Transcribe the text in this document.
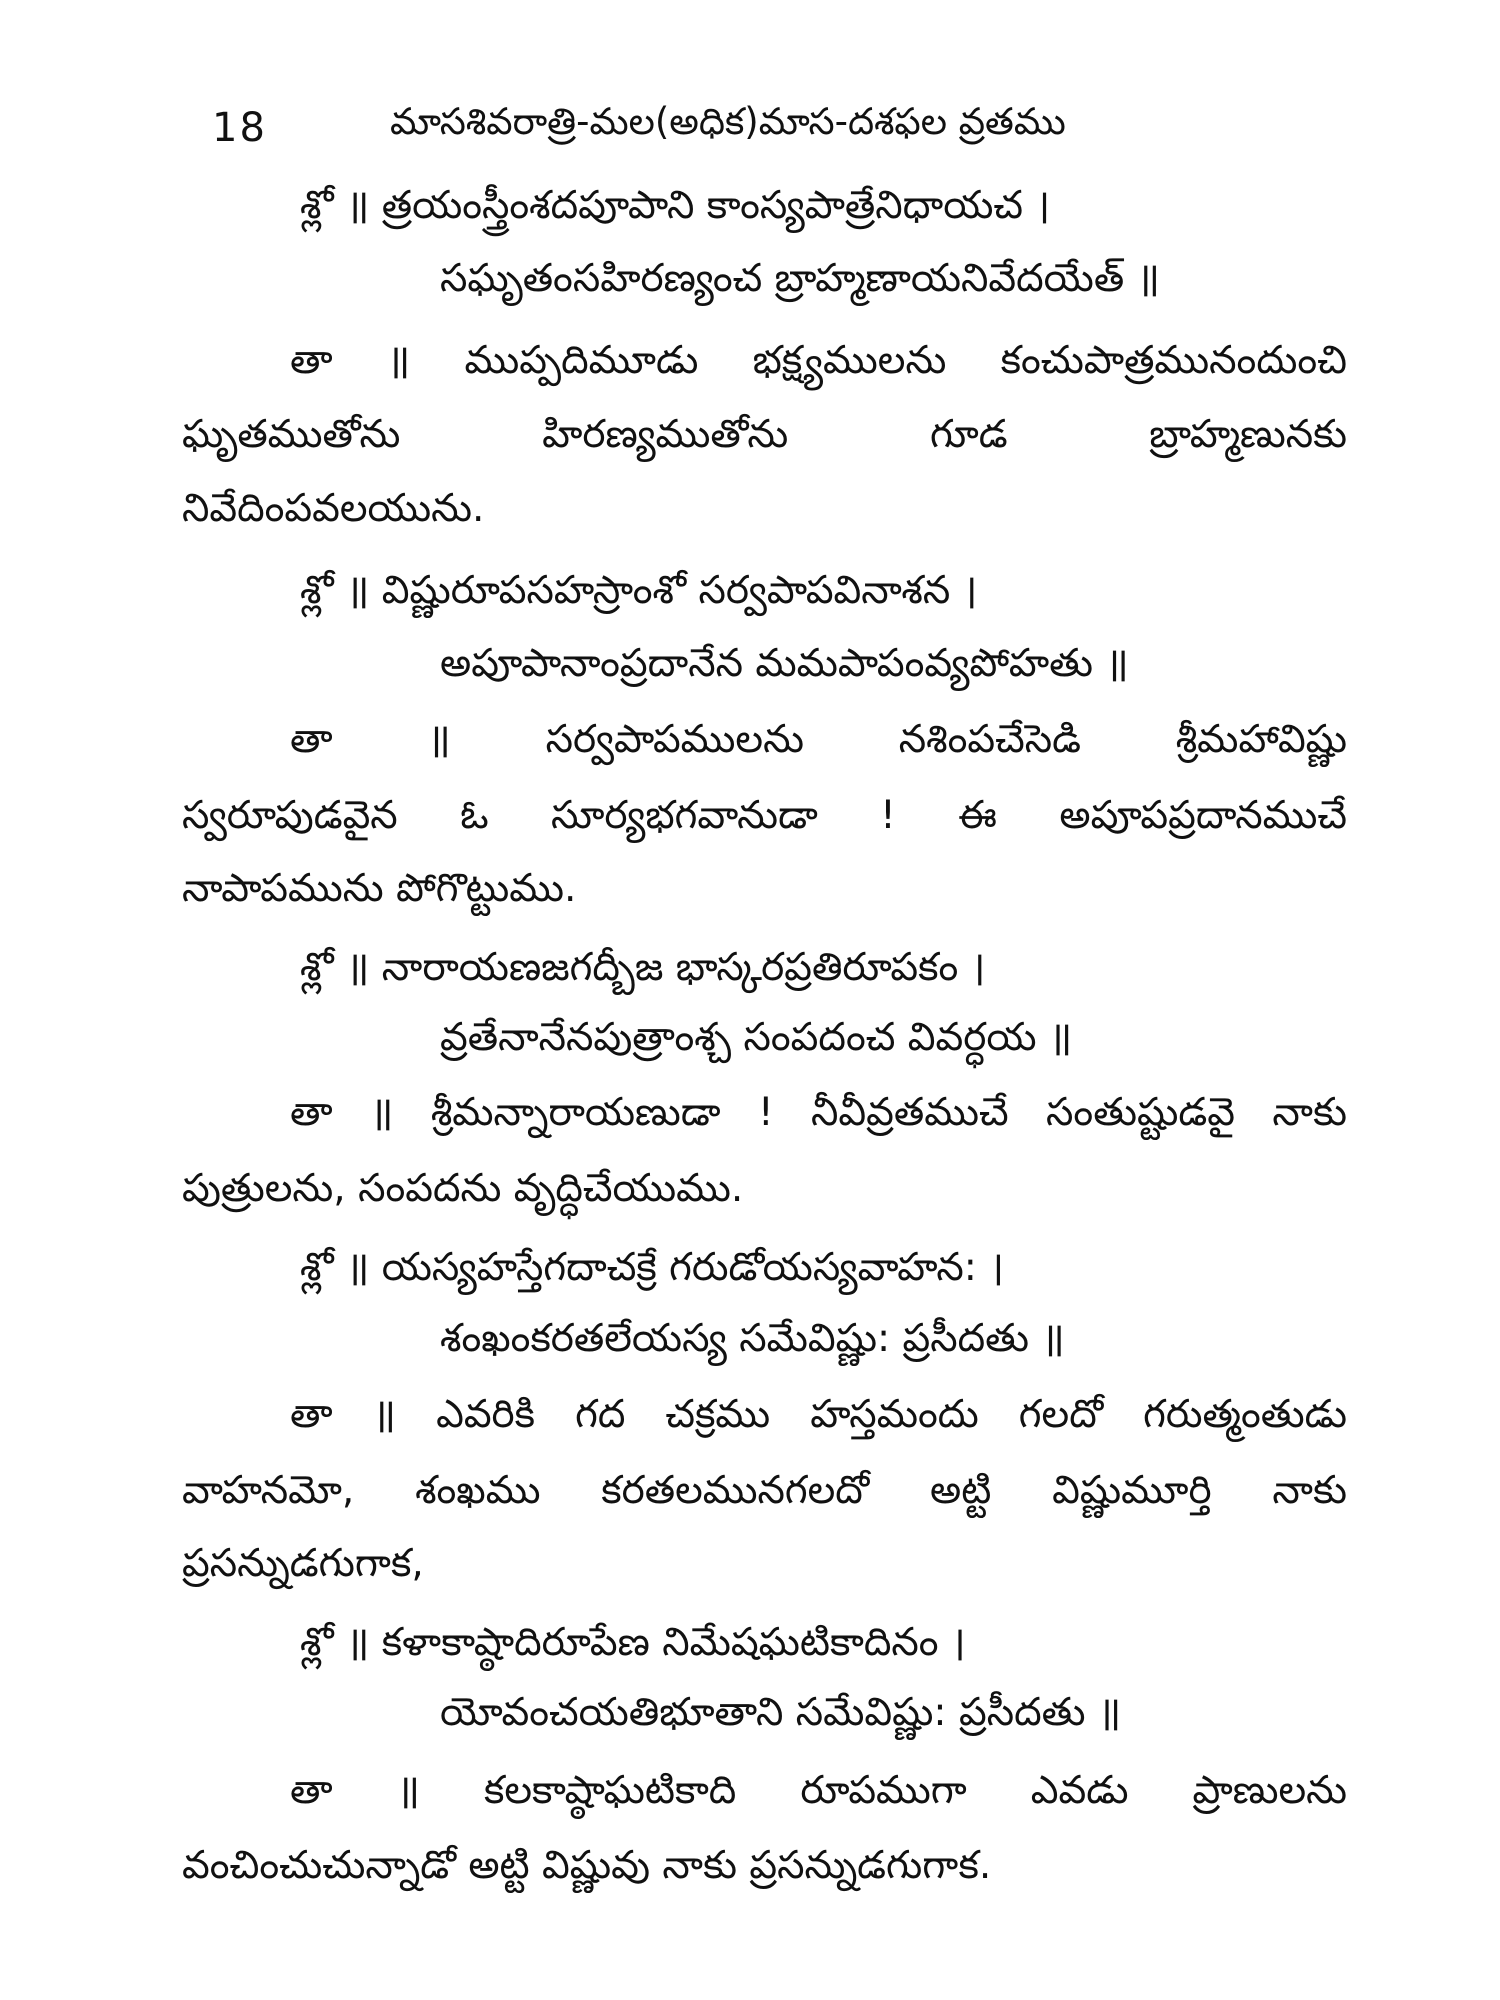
18	మాసశివరాత్రి-మల(అధిక)మాస-దశఫల వ్రతము
శ్లో ॥ త్రయంస్త్రీంశదపూపాని కాంస్యపాత్రేనిధాయచ ।
సఘృతంసహిరణ్యంచ బ్రాహ్మణాయనివేదయేత్ ॥
తా ॥ ముప్పదిమూడు భక్ష్యములను కంచుపాత్రమునందుంచి
ఘృతముతోను హిరణ్యముతోను గూడ బ్రాహ్మణునకు
నివేదింపవలయును.
శ్లో ॥ విష్ణురూపసహస్రాంశో సర్వపాపవినాశన ।
అపూపానాంప్రదానేన మమపాపంవ్యపోహతు ॥
తా ॥ సర్వపాపములను నశింపచేసెడి శ్రీమహావిష్ణు
స్వరూపుడవైన ఓ సూర్యభగవానుడా ! ఈ అపూపప్రదానముచే
నాపాపమును పోగొట్టుము.
శ్లో ॥ నారాయణజగద్బీజ భాస్కరప్రతిరూపకం ।
వ్రతేనానేనపుత్రాంశ్చ సంపదంచ వివర్ధయ ॥
తా ॥ శ్రీమన్నారాయణుడా ! నీవీవ్రతముచే సంతుష్టుడవై నాకు
పుత్రులను, సంపదను వృద్ధిచేయుము.
శ్లో ॥ యస్యహస్తేగదాచక్రే గరుడోయస్యవాహన: ।
శంఖంకరతలేయస్య సమేవిష్ణు: ప్రసీదతు ॥
తా ॥ ఎవరికి గద చక్రము హస్తమందు గలదో గరుత్మంతుడు
వాహనమో, శంఖము కరతలమునగలదో అట్టి విష్ణుమూర్తి నాకు
ప్రసన్నుడగుగాక,
శ్లో ॥ కళాకాష్ఠాదిరూపేణ నిమేషఘటికాదినం ।
యోవంచయతిభూతాని సమేవిష్ణు: ప్రసీదతు ॥
తా ॥ కలకాష్ఠాఘటికాది రూపముగా ఎవడు ప్రాణులను
వంచించుచున్నాడో అట్టి విష్ణువు నాకు ప్రసన్నుడగుగాక.
